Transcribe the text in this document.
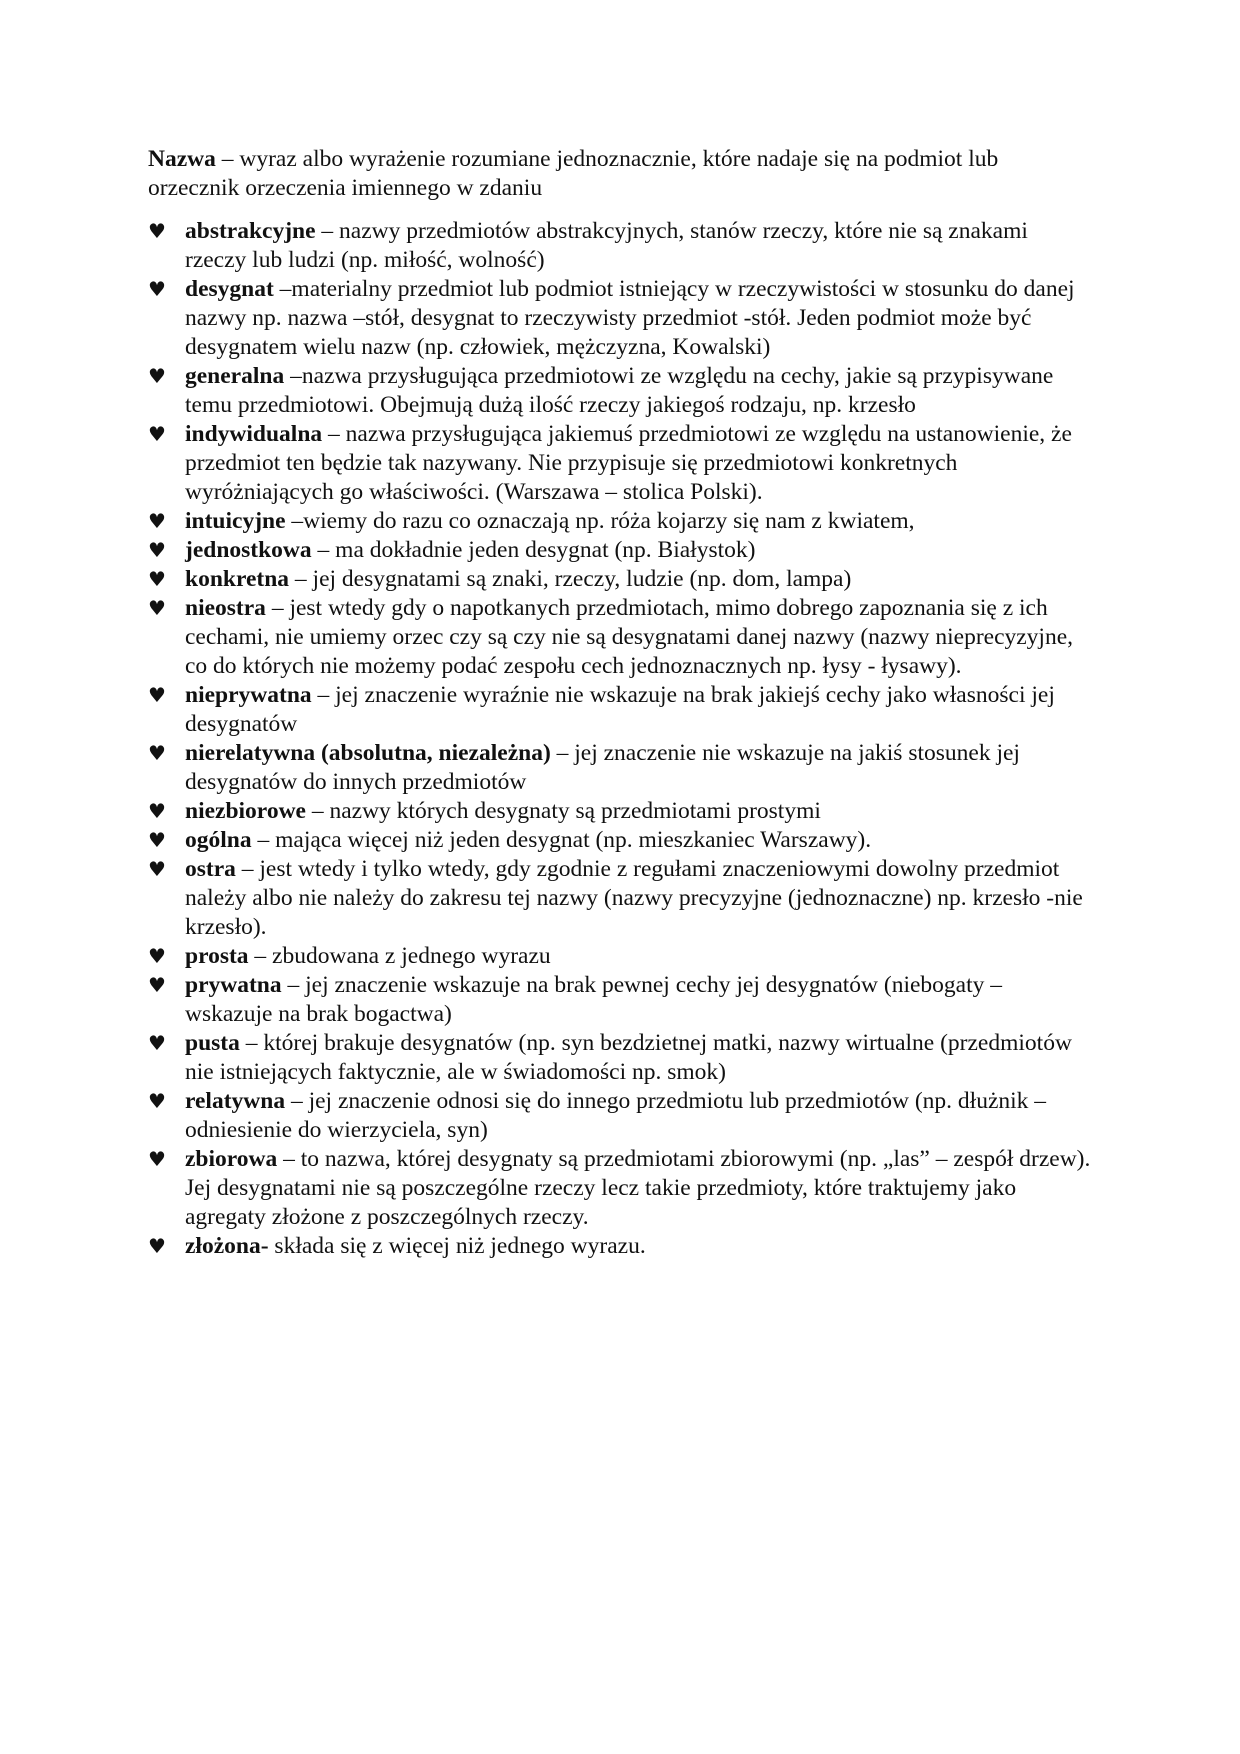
Nazwa – wyraz albo wyrażenie rozumiane jednoznacznie, które nadaje się na podmiot lub orzecznik orzeczenia imiennego w zdaniu

♥ abstrakcyjne – nazwy przedmiotów abstrakcyjnych, stanów rzeczy, które nie są znakami rzeczy lub ludzi (np. miłość, wolność)
♥ desygnat –materialny przedmiot lub podmiot istniejący w rzeczywistości w stosunku do danej nazwy np. nazwa –stół, desygnat to rzeczywisty przedmiot -stół. Jeden podmiot może być desygnatem wielu nazw (np. człowiek, mężczyzna, Kowalski)
♥ generalna –nazwa przysługująca przedmiotowi ze względu na cechy, jakie są przypisywane temu przedmiotowi. Obejmują dużą ilość rzeczy jakiegoś rodzaju, np. krzesło
♥ indywidualna – nazwa przysługująca jakiemuś przedmiotowi ze względu na ustanowienie, że przedmiot ten będzie tak nazywany. Nie przypisuje się przedmiotowi konkretnych wyróżniających go właściwości. (Warszawa – stolica Polski).
♥ intuicyjne –wiemy do razu co oznaczają np. róża kojarzy się nam z kwiatem,
♥ jednostkowa – ma dokładnie jeden desygnat (np. Białystok)
♥ konkretna – jej desygnatami są znaki, rzeczy, ludzie (np. dom, lampa)
♥ nieostra – jest wtedy gdy o napotkanych przedmiotach, mimo dobrego zapoznania się z ich cechami, nie umiemy orzec czy są czy nie są desygnatami danej nazwy (nazwy nieprecyzyjne, co do których nie możemy podać zespołu cech jednoznacznych np. łysy - łysawy).
♥ nieprywatna – jej znaczenie wyraźnie nie wskazuje na brak jakiejś cechy jako własności jej desygnatów
♥ nierelatywna (absolutna, niezależna) – jej znaczenie nie wskazuje na jakiś stosunek jej desygnatów do innych przedmiotów
♥ niezbiorowe – nazwy których desygnaty są przedmiotami prostymi
♥ ogólna – mająca więcej niż jeden desygnat (np. mieszkaniec Warszawy).
♥ ostra – jest wtedy i tylko wtedy, gdy zgodnie z regułami znaczeniowymi dowolny przedmiot należy albo nie należy do zakresu tej nazwy (nazwy precyzyjne (jednoznaczne) np. krzesło -nie krzesło).
♥ prosta – zbudowana z jednego wyrazu
♥ prywatna – jej znaczenie wskazuje na brak pewnej cechy jej desygnatów (niebogaty – wskazuje na brak bogactwa)
♥ pusta – której brakuje desygnatów (np. syn bezdzietnej matki, nazwy wirtualne (przedmiotów nie istniejących faktycznie, ale w świadomości np. smok)
♥ relatywna – jej znaczenie odnosi się do innego przedmiotu lub przedmiotów (np. dłużnik –odniesienie do wierzyciela, syn)
♥ zbiorowa – to nazwa, której desygnaty są przedmiotami zbiorowymi (np. „las” – zespół drzew). Jej desygnatami nie są poszczególne rzeczy lecz takie przedmioty, które traktujemy jako agregaty złożone z poszczególnych rzeczy.
♥ złożona- składa się z więcej niż jednego wyrazu.
